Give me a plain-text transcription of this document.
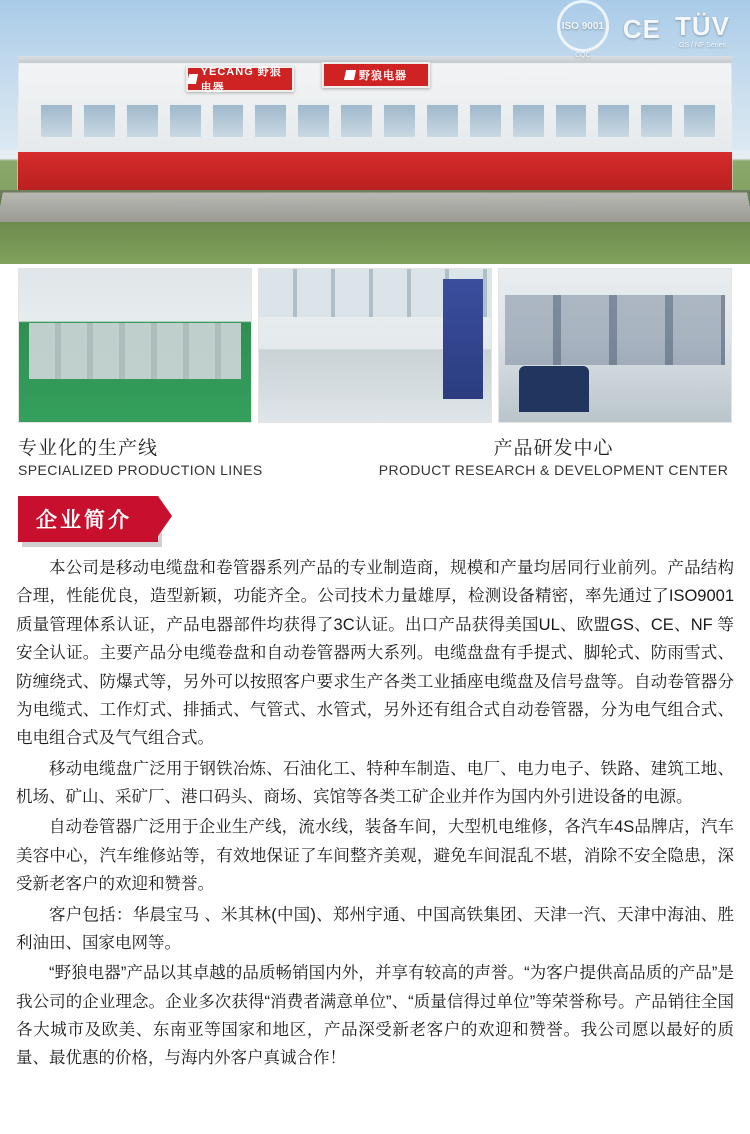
YECANG 野狼电器
野狼电器
ISO 9001
CQC
CE TÜV
GS / NF Series
专业化的生产线
SPECIALIZED PRODUCTION LINES
产品研发中心
PRODUCT RESEARCH & DEVELOPMENT CENTER
企业简介

本公司是移动电缆盘和卷管器系列产品的专业制造商，规模和产量均居同行业前列。产品结构合理，性能优良，造型新颖，功能齐全。公司技术力量雄厚，检测设备精密，率先通过了ISO9001质量管理体系认证，产品电器部件均获得了3C认证。出口产品获得美国UL、欧盟GS、CE、NF 等安全认证。主要产品分电缆卷盘和自动卷管器两大系列。电缆盘盘有手提式、脚轮式、防雨雪式、防缠绕式、防爆式等，另外可以按照客户要求生产各类工业插座电缆盘及信号盘等。自动卷管器分为电缆式、工作灯式、排插式、气管式、水管式，另外还有组合式自动卷管器，分为电气组合式、电电组合式及气气组合式。

移动电缆盘广泛用于钢铁冶炼、石油化工、特种车制造、电厂、电力电子、铁路、建筑工地、机场、矿山、采矿厂、港口码头、商场、宾馆等各类工矿企业并作为国内外引进设备的电源。

自动卷管器广泛用于企业生产线，流水线，装备车间，大型机电维修，各汽车4S品牌店，汽车美容中心，汽车维修站等，有效地保证了车间整齐美观，避免车间混乱不堪，消除不安全隐患，深受新老客户的欢迎和赞誉。

客户包括：华晨宝马 、米其林(中国)、郑州宇通、中国高铁集团、天津一汽、天津中海油、胜利油田、国家电网等。

“野狼电器”产品以其卓越的品质畅销国内外，并享有较高的声誉。“为客户提供高品质的产品”是我公司的企业理念。企业多次获得“消费者满意单位”、“质量信得过单位”等荣誉称号。产品销往全国各大城市及欧美、东南亚等国家和地区，产品深受新老客户的欢迎和赞誉。我公司愿以最好的质量、最优惠的价格，与海内外客户真诚合作！
